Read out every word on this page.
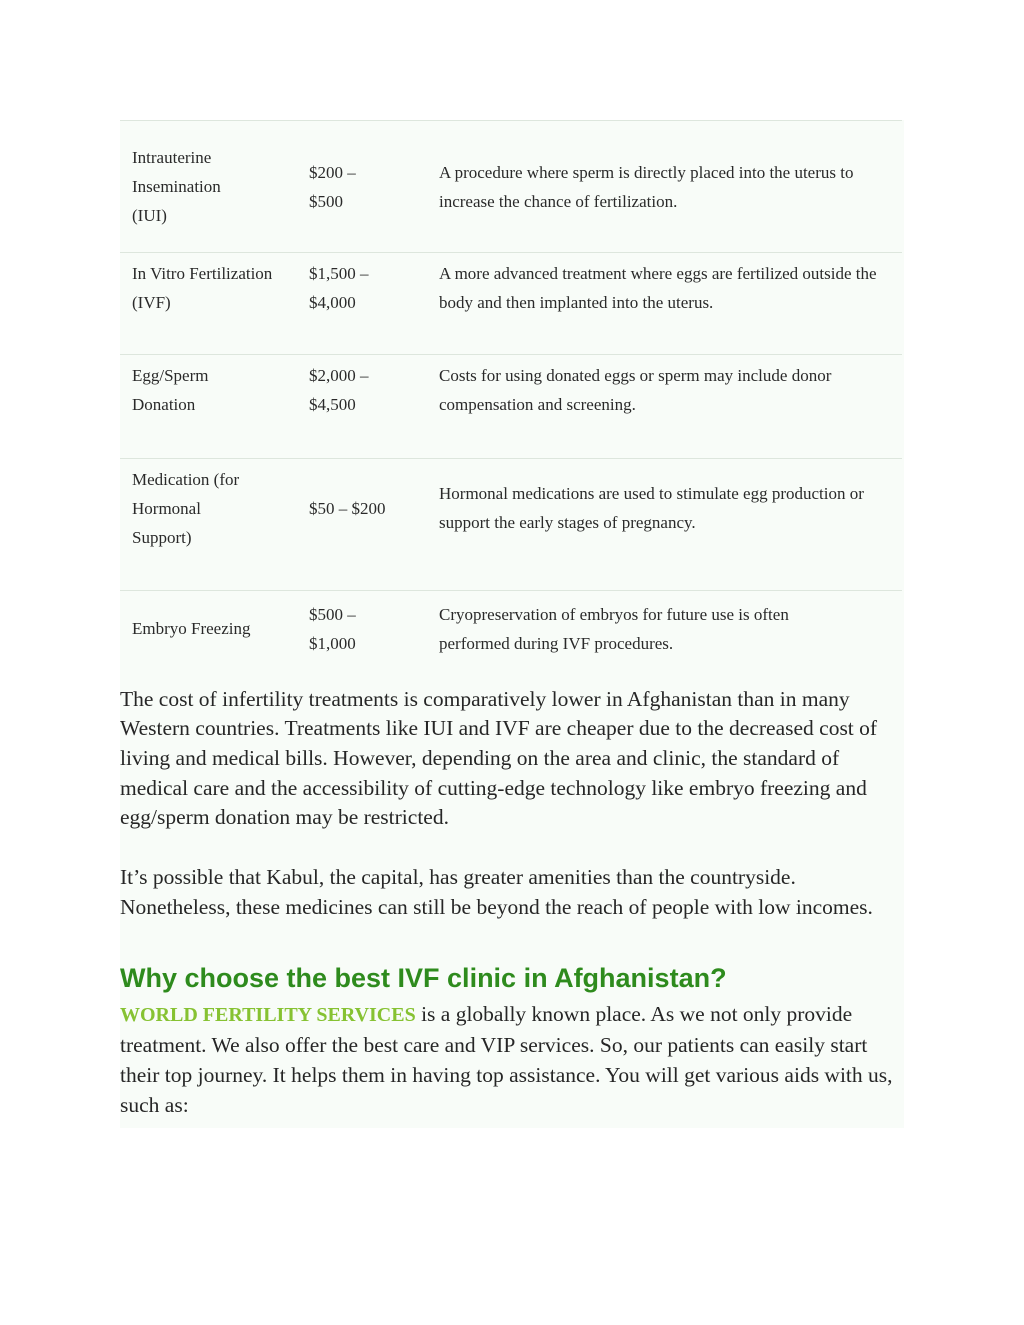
Intrauterine Insemination (IUI)	$200 – $500	A procedure where sperm is directly placed into the uterus to increase the chance of fertilization.
In Vitro Fertilization (IVF)	$1,500 – $4,000	A more advanced treatment where eggs are fertilized outside the body and then implanted into the uterus.
Egg/Sperm Donation	$2,000 – $4,500	Costs for using donated eggs or sperm may include donor compensation and screening.
Medication (for Hormonal Support)	$50 – $200	Hormonal medications are used to stimulate egg production or support the early stages of pregnancy.
Embryo Freezing	$500 – $1,000	Cryopreservation of embryos for future use is often performed during IVF procedures.

The cost of infertility treatments is comparatively lower in Afghanistan than in many Western countries. Treatments like IUI and IVF are cheaper due to the decreased cost of living and medical bills. However, depending on the area and clinic, the standard of medical care and the accessibility of cutting-edge technology like embryo freezing and egg/sperm donation may be restricted.

It’s possible that Kabul, the capital, has greater amenities than the countryside. Nonetheless, these medicines can still be beyond the reach of people with low incomes.

Why choose the best IVF clinic in Afghanistan?

WORLD FERTILITY SERVICES is a globally known place. As we not only provide treatment. We also offer the best care and VIP services. So, our patients can easily start their top journey. It helps them in having top assistance. You will get various aids with us, such as:
